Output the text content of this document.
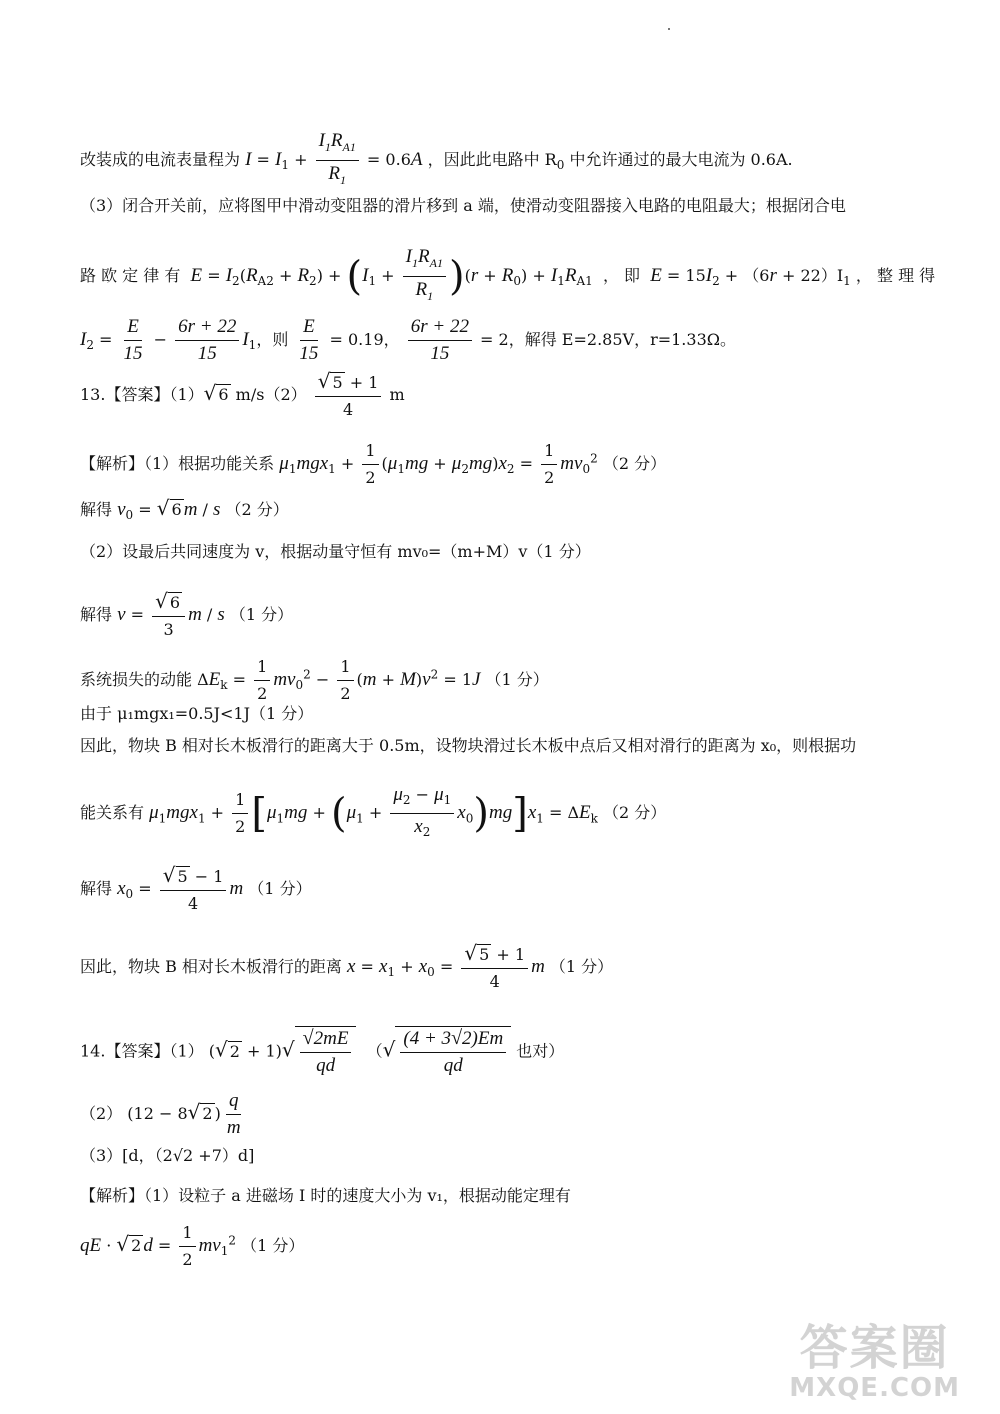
改装成的电流表量程为 $I = I_1 + \frac{I_1R_{A1}}{R_1} = 0.6A$ ，因此此电路中 $R_0$ 中允许通过的最大电流为 0.6A.
（3）闭合开关前，应将图甲中滑动变阻器的滑片移到 a 端，使滑动变阻器接入电路的电阻最大；根据闭合电
路 欧 定 律 有 $E = I_2(R_{A2} + R_2) + (I_1 + \frac{I_1R_{A1}}{R_1} )(r + R_0) + I_1R_{A1}$ ， 即 $E = 15I_2 + (6r + 22)I_1$ ， 整 理 得
$I_2 = \frac{E}{15} - \frac{6r + 22}{15} I_1$，则 $\frac{E}{15} = 0.19$， $\frac{6r + 22}{15} = 2$，解得 E=2.85V，r=1.33Ω。
13.【答案】（1）√ 6 $m/s(2) \frac{√ 5 + 1}{4}$ m
【解析】（1）根据功能关系 $\mu_1mgx_1 + \frac{1}{2} (\mu_1mg + \mu_2mg)x_2 = \frac{1}{2} mv_0^2$ （2 分）
解得 $v_0$ = √ 6 m / s （2 分）
（2）设最后共同速度为 v，根据动量守恒有 mv₀=（m+M）v（1 分）
解得 $v = \frac{√ 6}{3}$ m / s （1 分）
系统损失的动能 $\Delta E_k = \frac{1}{2} mv_0^2 - \frac{1}{2} (m + M)v^2 = 1J$ （1 分）
由于 μ₁mgx₁=0.5J<1J（1 分）
因此，物块 B 相对长木板滑行的距离大于 0.5m，设物块滑过长木板中点后又相对滑行的距离为 x₀，则根据功
能关系有 $\mu_1mgx_1 + \frac{1}{2} [\mu_1mg + (\mu_1 + \frac{\mu_2 - \mu_1}{x_2} x_0)mg]x_1 = \Delta E_k$ （2 分）
解得 $x_0 = \frac{√ 5 - 1}{4}$ m （1 分）
因此，物块 B 相对长木板滑行的距离 $x = x_1 + x_0 = \frac{√ 5 + 1}{4}$ m （1 分）
14.【答案】（1） (√ $2 + 1)√ \frac{√2mE}{qd}$ （√ $\frac{(4 + 3√2)Em}{qd}$ 也对）
（2） (12 − 8√ 2 ) $\frac{q}{m}$
（3）[d，（2√2 +7）d]
【解析】（1）设粒子 a 进磁场 I 时的速度大小为 v₁，根据动能定理有
qE · √ 2 $d = \frac{1}{2} mv_1^2$ （1 分）
答案圈
MXQE.COM
